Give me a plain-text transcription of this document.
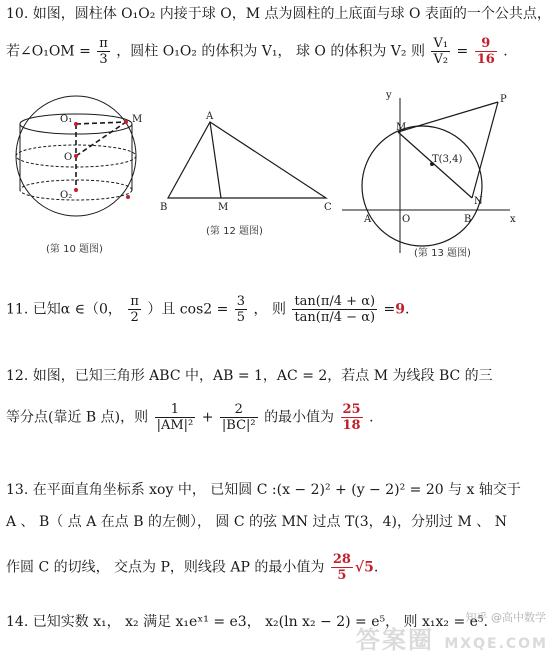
10. 如图，圆柱体 O₁O₂ 内接于球 O，M 点为圆柱的上底面与球 O 表面的一个公共点，
若∠O₁OM = $\frac{\pi}{3}$ ，圆柱 O₁O₂ 的体积为 V₁， 球 O 的体积为 V₂ 则 $\frac{\text{V₁}}{\text{V₂}} = \frac{9}{16}$ .
O₁	M
O
O₂
(第 10 题图)
A
B	M	C
(第 12 题图)
y	P
M
T(3,4)
N
A	O	B	x
(第 13 题图)
11. 已知α ∈（0， $\frac{\pi}{2}$ ）且 $\cos 2 = \frac{3}{5}$ ， 则 $\frac{\tan(\pi/4 + \alpha)}{\tan(\pi/4 - \alpha)} =9$.
12. 如图，已知三角形 ABC 中，AB = 1，AC = 2，若点 M 为线段 BC 的三
等分点(靠近 B 点)，则 $\frac{1}{\text{|AM|²}} + \frac{2}{\text{|BC|²}}$ 的最小值为 $\frac{25}{18}$ .
13. 在平面直角坐标系 xoy 中， 已知圆 C :(x − 2)² + (y − 2)² = 20 与 x 轴交于
A 、 B（ 点 A 在点 B 的左侧）， 圆 C 的弦 MN 过点 T(3，4)，分别过 M 、 N
作圆 C 的切线， 交点为 P，则线段 AP 的最小值为 $\frac{28}{5} √5$.
14. 已知实数 x₁， x₂ 满足 x₁eˣ¹ = e3， x₂(ln x₂ − 2) = e⁵， 则 x₁x₂ = e⁵.
知乎 @高中数学
答案圈 MXQE.COM
